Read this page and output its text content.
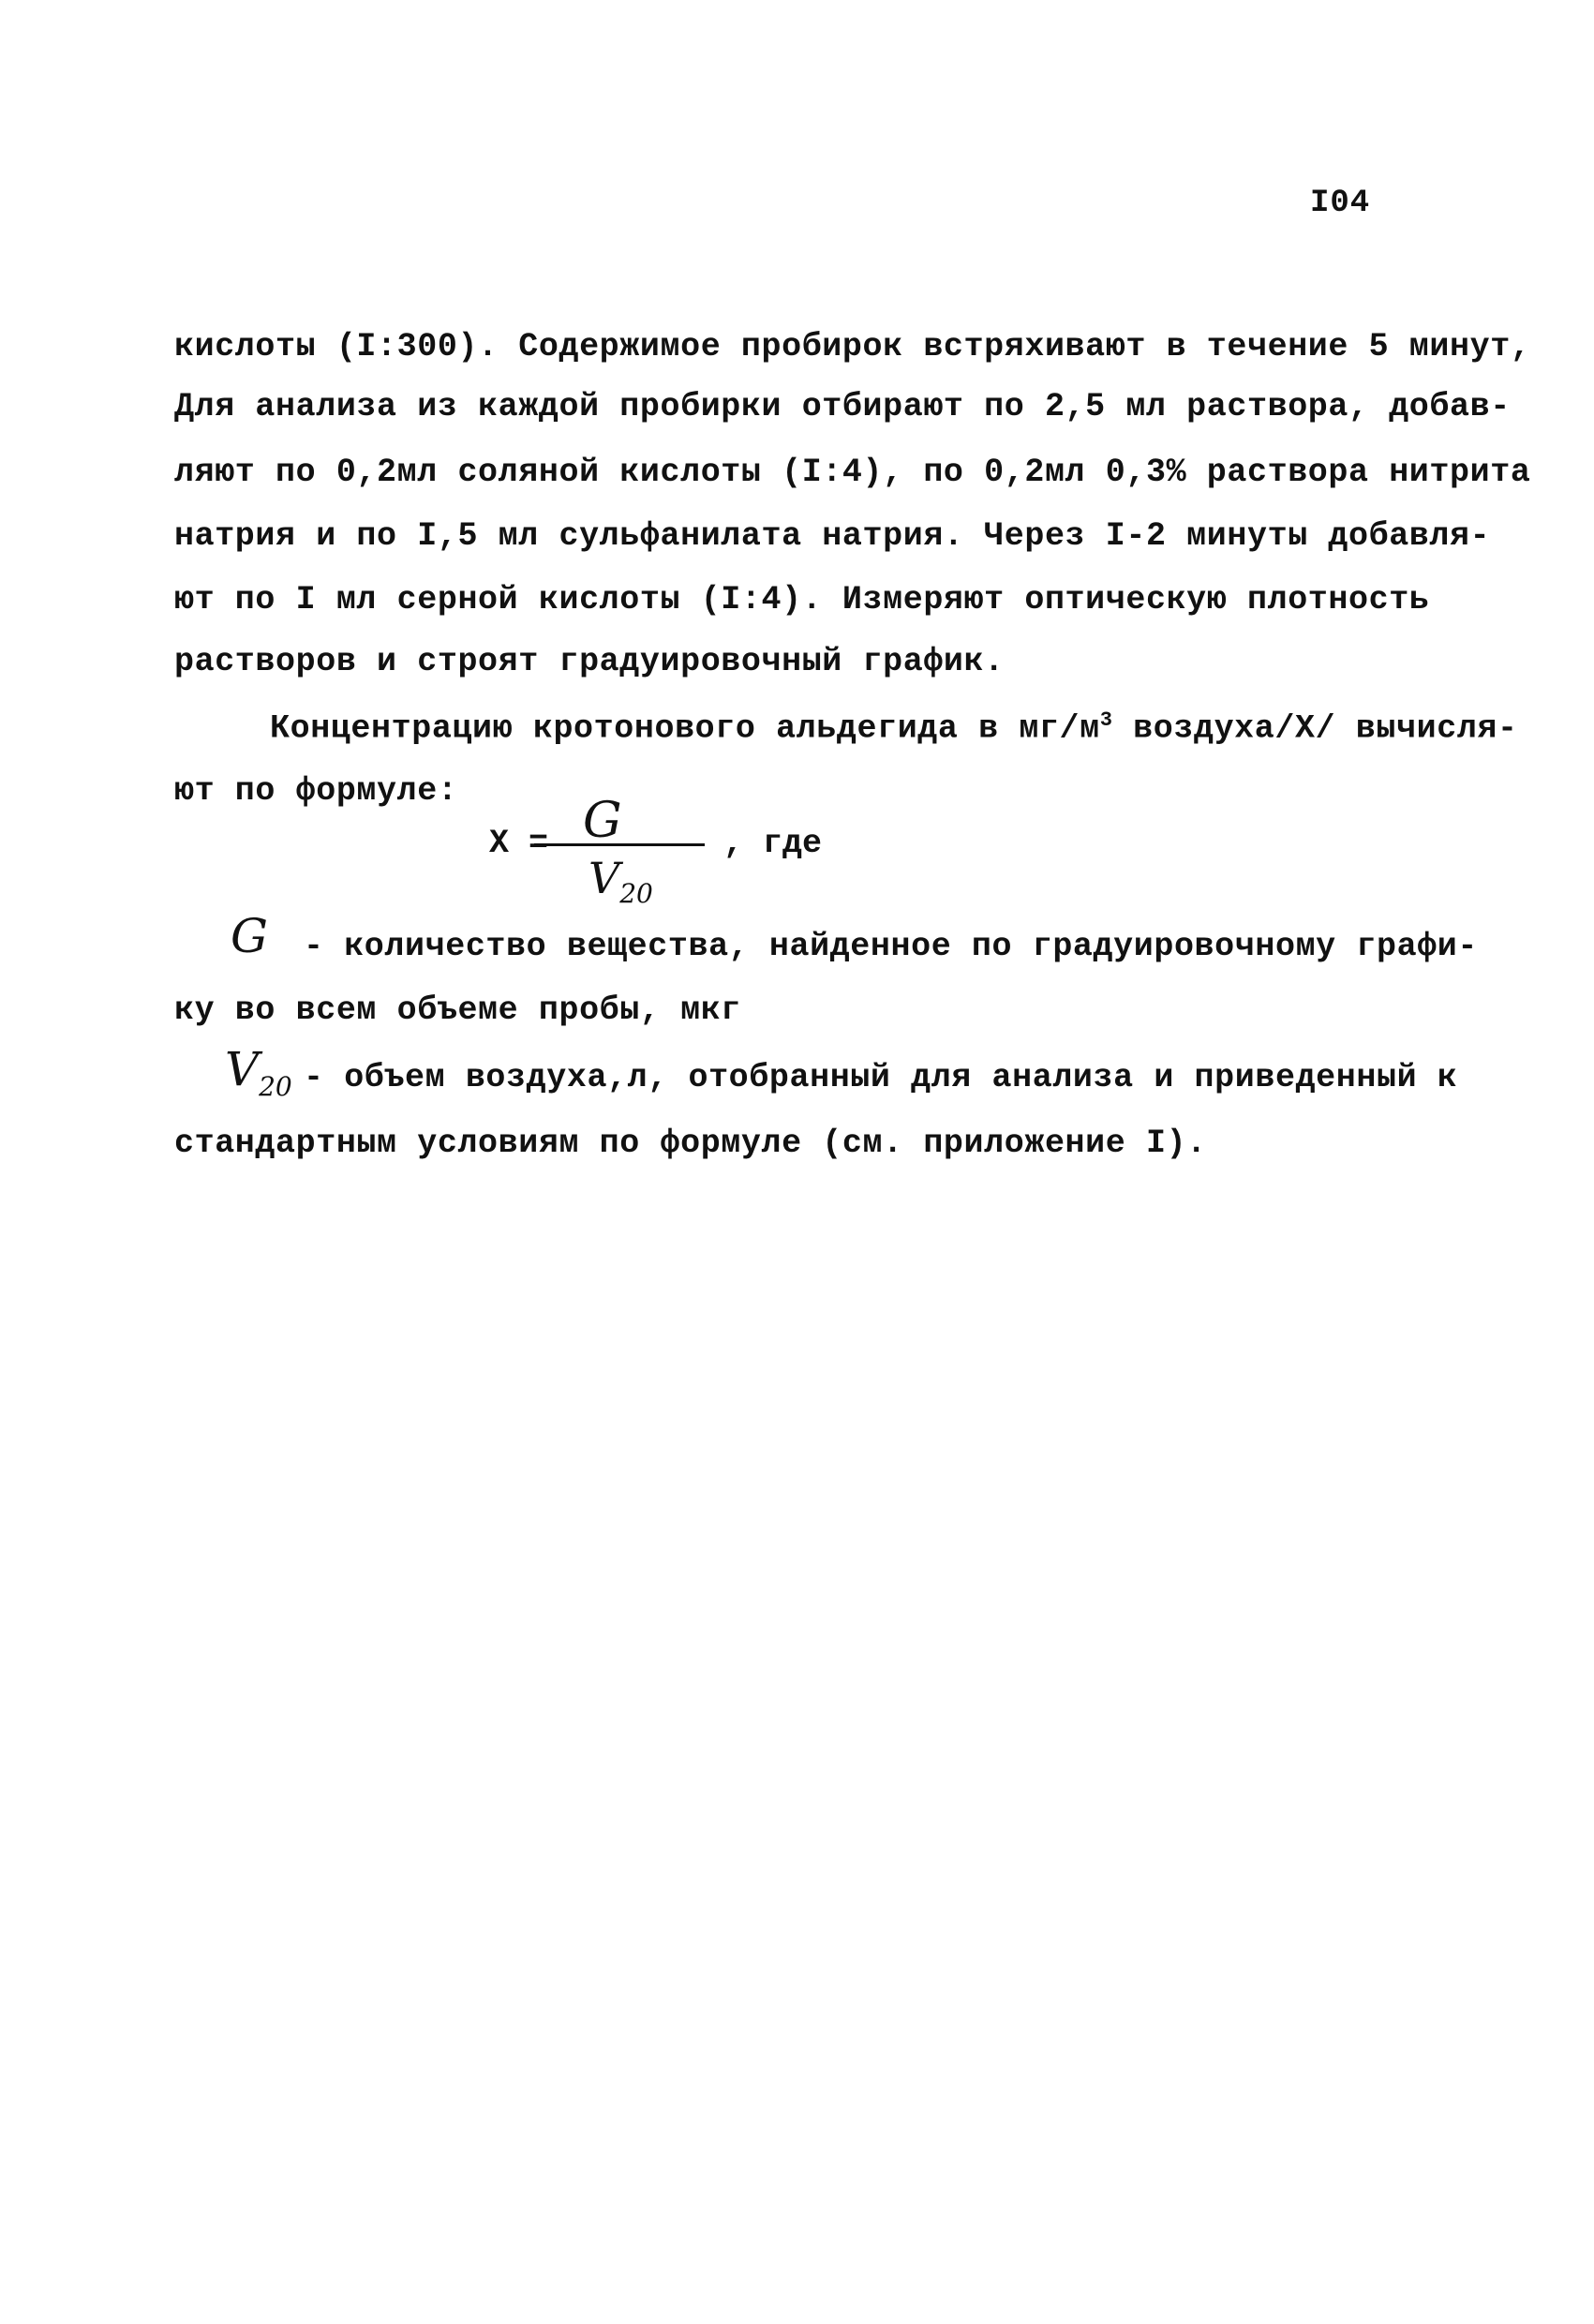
I04
кислоты (I:300). Содержимое пробирок встряхивают в течение 5 минут,
Для анализа из каждой пробирки отбирают по 2,5 мл раствора, добав-
ляют по 0,2мл соляной кислоты (I:4), по 0,2мл 0,3% раствора нитрита
натрия и по I,5 мл сульфанилата натрия. Через I-2 минуты добавля-
ют по I мл серной кислоты (I:4). Измеряют оптическую плотность
растворов и строят градуировочный график.
Концентрацию кротонового альдегида в $мг/м^3$ воздуха/Х/ вычисля-
ют по формуле:
Х = G
$V_{20}$
, где
G - количество вещества, найденное по градуировочному графи-
ку во всем объеме пробы, мкг
$V_{20}$ - объем воздуха,л, отобранный для анализа и приведенный к
стандартным условиям по формуле (см. приложение I).
